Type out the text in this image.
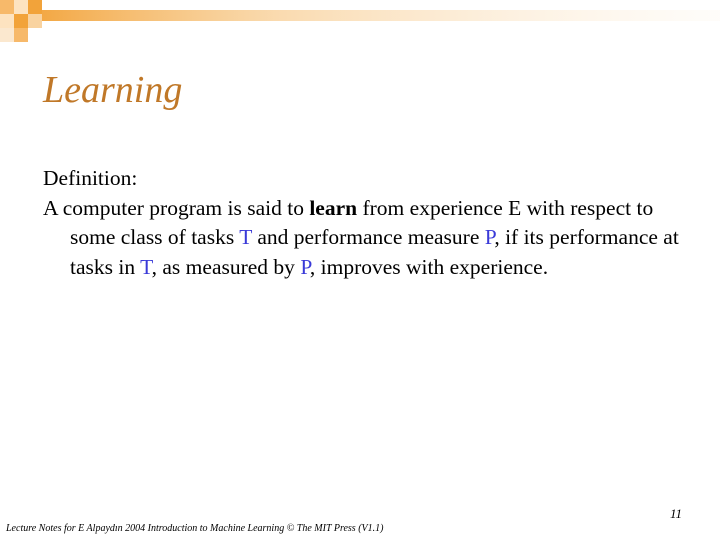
Learning

Definition:

A computer program is said to learn from experience E with respect to some class of tasks T and performance measure P, if its performance at tasks in T, as measured by P, improves with experience.

11
Lecture Notes for E Alpaydın 2004 Introduction to Machine Learning © The MIT Press (V1.1)
